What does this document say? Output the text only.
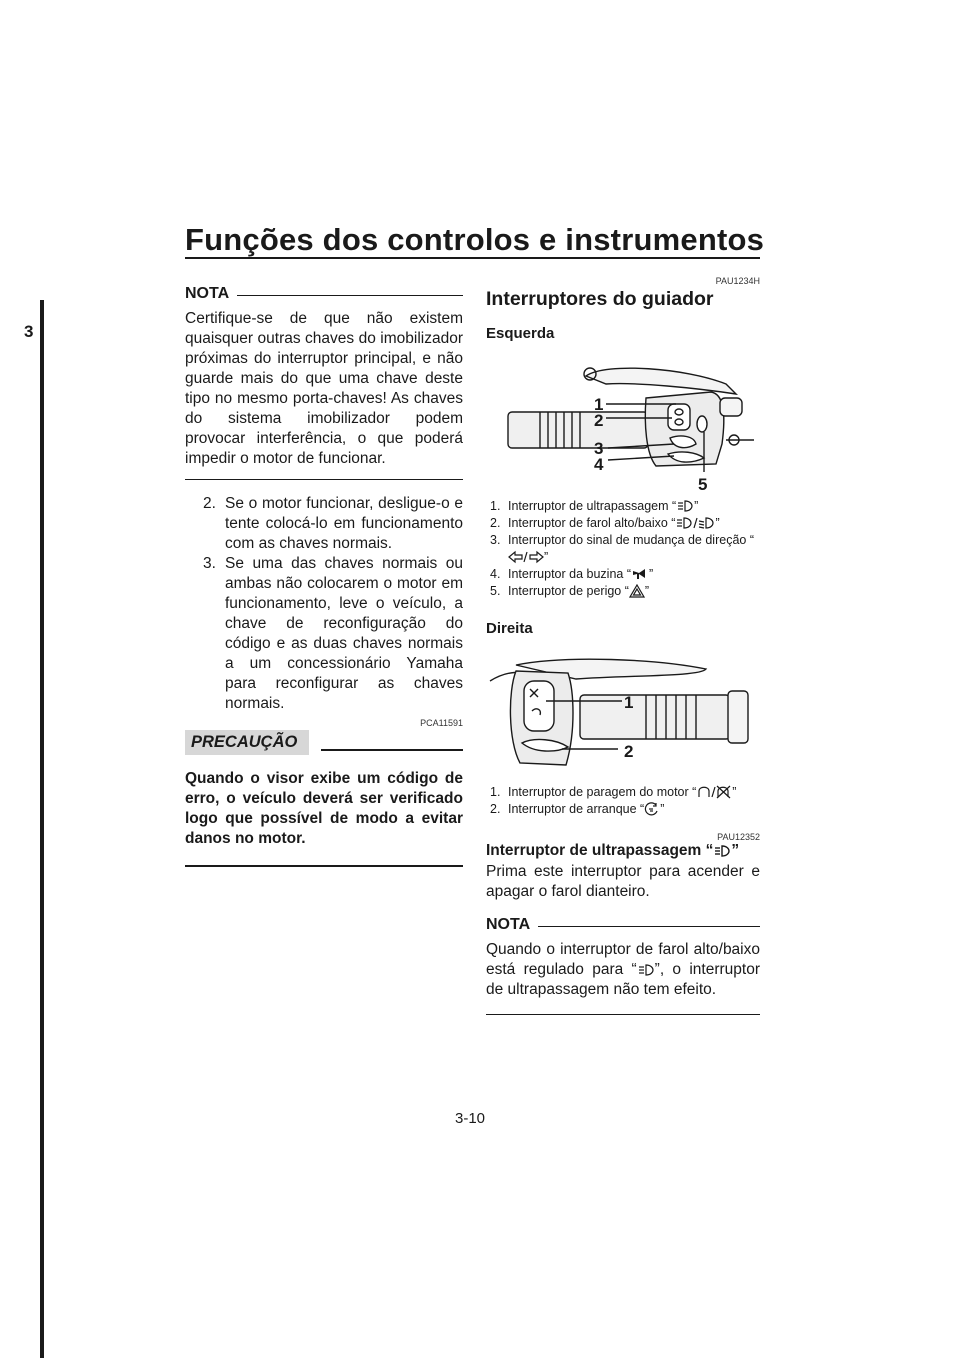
Funções dos controlos e instrumentos
3
NOTA
Certifique-se de que não existem quaisquer outras chaves do imobilizador próximas do interruptor principal, e não guarde mais do que uma chave deste tipo no mesmo porta-chaves! As chaves do sistema imobilizador podem provocar interferência, o que poderá impedir o motor de funcionar.
2. Se o motor funcionar, desligue-o e tente colocá-lo em funcionamento com as chaves normais.
3. Se uma das chaves normais ou ambas não colocarem o motor em funcionamento, leve o veículo, a chave de reconfiguração do código e as duas chaves normais a um concessionário Yamaha para reconfigurar as chaves normais.
PCA11591
PRECAUÇÃO
Quando o visor exibe um código de erro, o veículo deverá ser verificado logo que possível de modo a evitar danos no motor.
PAU1234H
Interruptores do guiador
Esquerda
1
2
3
4
5
1. Interruptor de ultrapassagem “ ”
2. Interruptor de farol alto/baixo “	”
3. Interruptor do sinal de mudança de direção “”
4. Interruptor da buzina “ ”
5. Interruptor de perigo “ ”
Direita
1
2
1. Interruptor de paragem do motor “	”
2. Interruptor de arranque “ ”
PAU12352
Interruptor de ultrapassagem “ ”
Prima este interruptor para acender e apagar o farol dianteiro.
NOTA
Quando o interruptor de farol alto/baixo está regulado para “ ”, o interruptor de ultrapassagem não tem efeito.
3-10
